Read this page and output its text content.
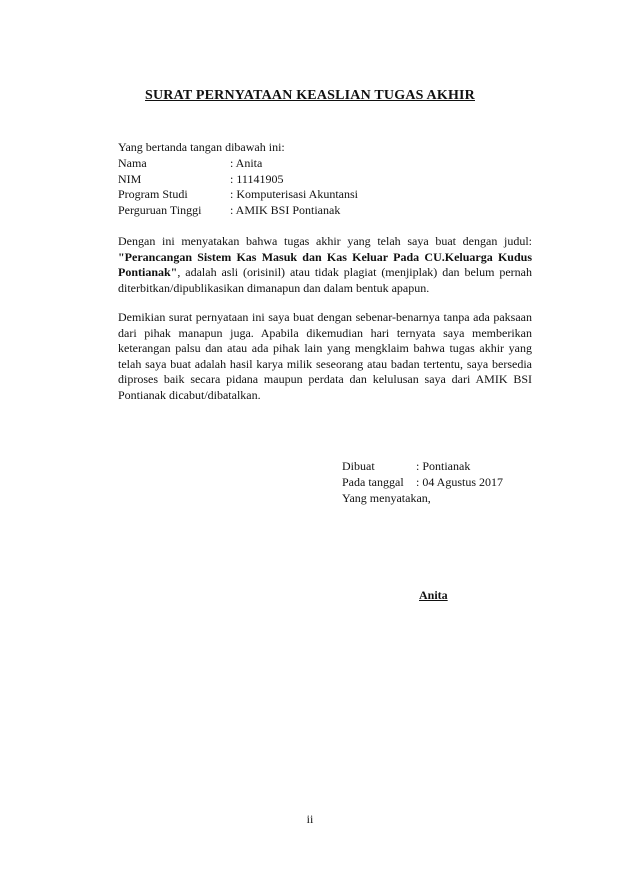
SURAT PERNYATAAN KEASLIAN TUGAS AKHIR
Yang bertanda tangan dibawah ini:
Nama	: Anita
NIM	: 11141905
Program Studi	: Komputerisasi Akuntansi
Perguruan Tinggi	: AMIK BSI Pontianak
Dengan ini menyatakan bahwa tugas akhir yang telah saya buat dengan judul: "Perancangan Sistem Kas Masuk dan Kas Keluar Pada CU.Keluarga Kudus Pontianak", adalah asli (orisinil) atau tidak plagiat (menjiplak) dan belum pernah diterbitkan/dipublikasikan dimanapun dan dalam bentuk apapun.
Demikian surat pernyataan ini saya buat dengan sebenar-benarnya tanpa ada paksaan dari pihak manapun juga. Apabila dikemudian hari ternyata saya memberikan keterangan palsu dan atau ada pihak lain yang mengklaim bahwa tugas akhir yang telah saya buat adalah hasil karya milik seseorang atau badan tertentu, saya bersedia diproses baik secara pidana maupun perdata dan kelulusan saya dari AMIK BSI Pontianak dicabut/dibatalkan.
Dibuat	: Pontianak
Pada tanggal	: 04 Agustus 2017
Yang menyatakan,
Anita
ii
